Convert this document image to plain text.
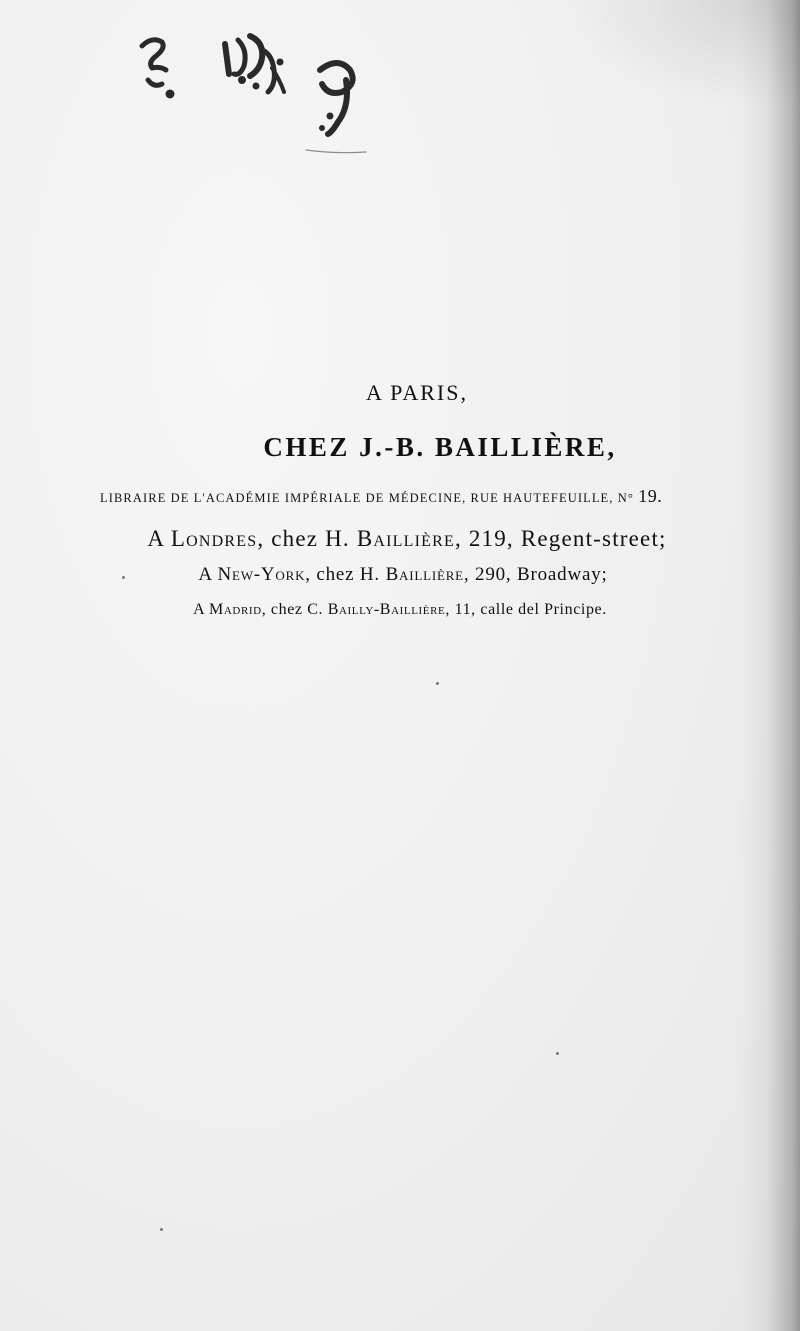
A PARIS,
CHEZ J.-B. BAILLIÈRE,
LIBRAIRE DE L'ACADÉMIE IMPÉRIALE DE MÉDECINE, RUE HAUTEFEUILLE, N° 19.
A Londres, chez H. Baillière, 219, Regent-street;
A New-York, chez H. Baillière, 290, Broadway;
A Madrid, chez C. Bailly-Baillière, 11, calle del Principe.
